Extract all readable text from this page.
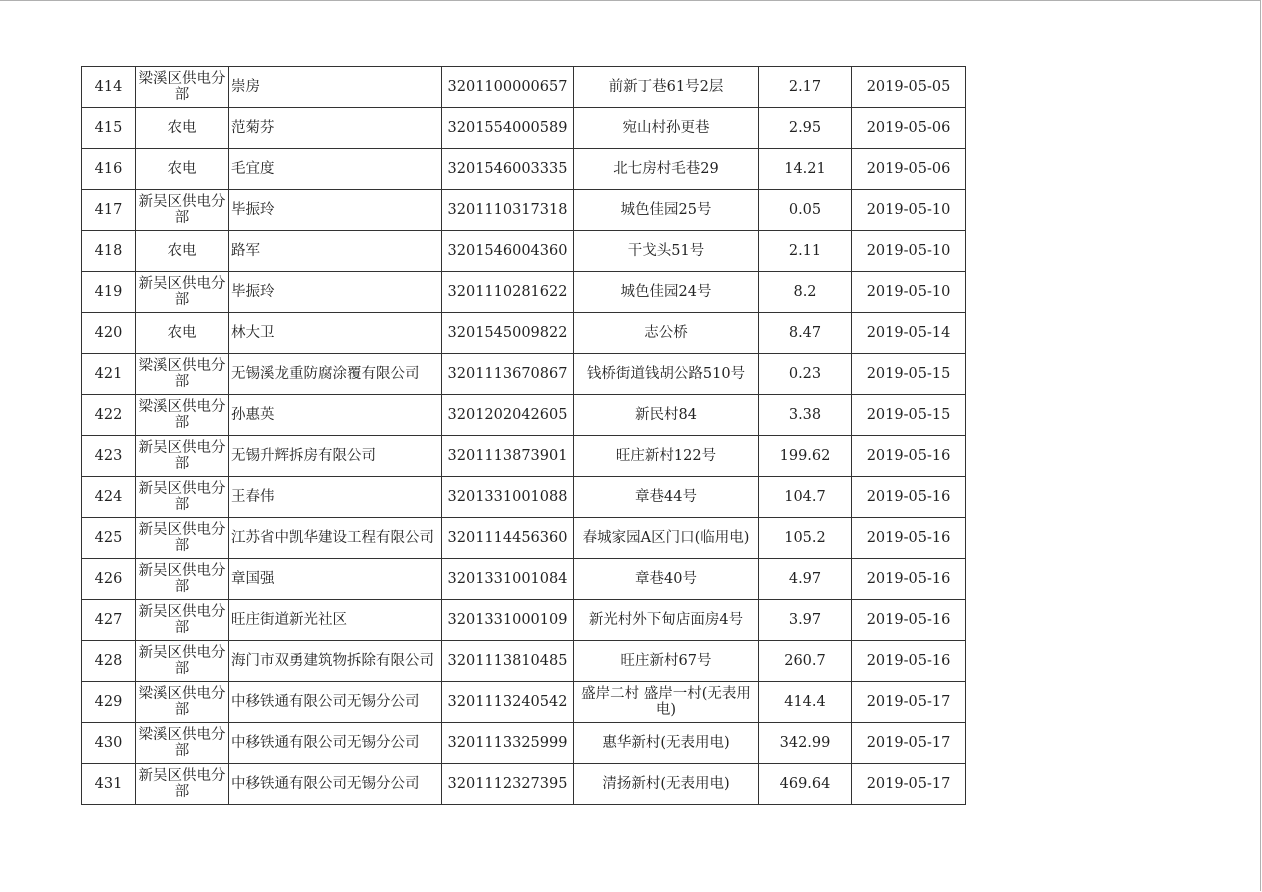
414	梁溪区供电分部	崇房	3201100000657	前新丁巷61号2层	2.17	2019-05-05
415	农电	范菊芬	3201554000589	宛山村孙更巷	2.95	2019-05-06
416	农电	毛宜度	3201546003335	北七房村毛巷29	14.21	2019-05-06
417	新吴区供电分部	毕振玲	3201110317318	城色佳园25号	0.05	2019-05-10
418	农电	路军	3201546004360	干戈头51号	2.11	2019-05-10
419	新吴区供电分部	毕振玲	3201110281622	城色佳园24号	8.2	2019-05-10
420	农电	林大卫	3201545009822	志公桥	8.47	2019-05-14
421	梁溪区供电分部	无锡溪龙重防腐涂覆有限公司	3201113670867	钱桥街道钱胡公路510号	0.23	2019-05-15
422	梁溪区供电分部	孙惠英	3201202042605	新民村84	3.38	2019-05-15
423	新吴区供电分部	无锡升辉拆房有限公司	3201113873901	旺庄新村122号	199.62	2019-05-16
424	新吴区供电分部	王春伟	3201331001088	章巷44号	104.7	2019-05-16
425	新吴区供电分部	江苏省中凯华建设工程有限公司	3201114456360	春城家园A区门口(临用电)	105.2	2019-05-16
426	新吴区供电分部	章国强	3201331001084	章巷40号	4.97	2019-05-16
427	新吴区供电分部	旺庄街道新光社区	3201331000109	新光村外下甸店面房4号	3.97	2019-05-16
428	新吴区供电分部	海门市双勇建筑物拆除有限公司	3201113810485	旺庄新村67号	260.7	2019-05-16
429	梁溪区供电分部	中移铁通有限公司无锡分公司	3201113240542	盛岸二村 盛岸一村(无表用电)	414.4	2019-05-17
430	梁溪区供电分部	中移铁通有限公司无锡分公司	3201113325999	惠华新村(无表用电)	342.99	2019-05-17
431	新吴区供电分部	中移铁通有限公司无锡分公司	3201112327395	清扬新村(无表用电)	469.64	2019-05-17
